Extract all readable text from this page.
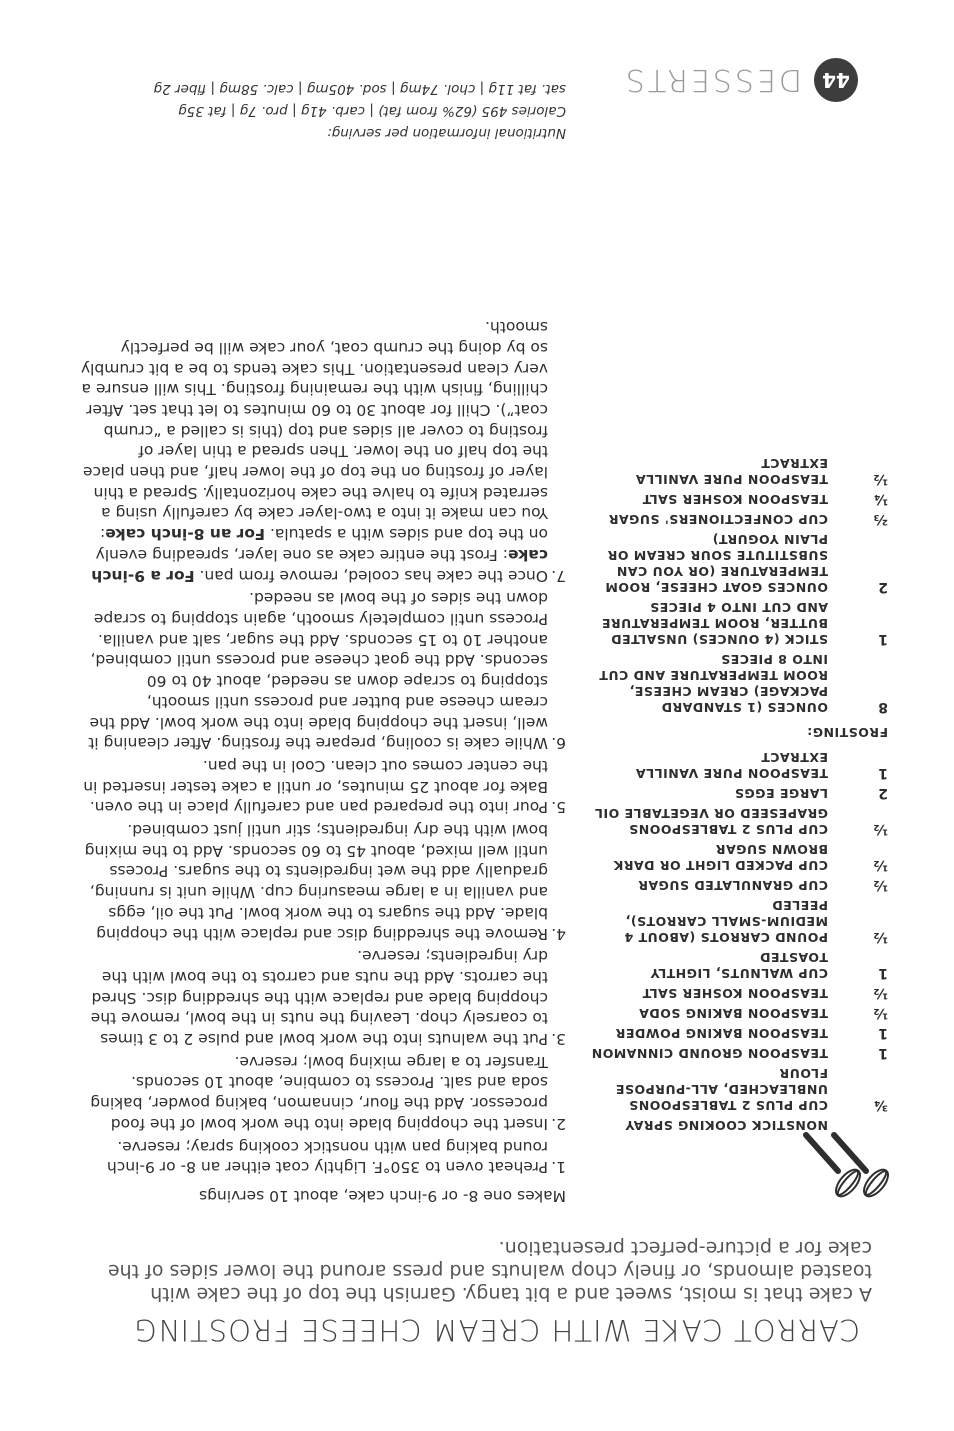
CARROT CAKE WITH CREAM CHEESE FROSTING
A cake that is moist, sweet and a bit tangy. Garnish the top of the cake with toasted almonds, or finely chop walnuts and press around the lower sides of the cake for a picture-perfect presentation.
NONSTICK COOKING SPRAY
¾
CUP PLUS 2 TABLESPOONS UNBLEACHED, ALL-PURPOSE FLOUR
1
TEASPOON GROUND CINNAMON
1
TEASPOON BAKING POWDER
½
TEASPOON BAKING SODA
½
TEASPOON KOSHER SALT
1
CUP WALNUTS, LIGHTLY TOASTED
½
POUND CARROTS (ABOUT 4 MEDIUM-SMALL CARROTS), PEELED
½
CUP GRANULATED SUGAR
½
CUP PACKED LIGHT OR DARK BROWN SUGAR
½
CUP PLUS 2 TABLESPOONS GRAPESEED OR VEGETABLE OIL
2
LARGE EGGS
1
TEASPOON PURE VANILLA EXTRACT
FROSTING:
8
OUNCES (1 STANDARD PACKAGE) CREAM CHEESE, ROOM TEMPERATURE AND CUT INTO 8 PIECES
1
STICK (4 OUNCES) UNSALTED BUTTER, ROOM TEMPERATURE AND CUT INTO 4 PIECES
2
OUNCES GOAT CHEESE, ROOM TEMPERATURE (OR YOU CAN SUBSTITUTE SOUR CREAM OR PLAIN YOGURT)
⅔
CUP CONFECTIONERS' SUGAR
¼
TEASPOON KOSHER SALT
½
TEASPOON PURE VANILLA EXTRACT
Makes one 8- or 9-inch cake, about 10 servings
1.
Preheat oven to 350°F. Lightly coat either an 8- or 9-inch round baking pan with nonstick cooking spray; reserve.
2.
Insert the chopping blade into the work bowl of the food processor. Add the flour, cinnamon, baking powder, baking soda and salt. Process to combine, about 10 seconds. Transfer to a large mixing bowl; reserve.
3.
Put the walnuts into the work bowl and pulse 2 to 3 times to coarsely chop. Leaving the nuts in the bowl, remove the chopping blade and replace with the shredding disc. Shred the carrots. Add the nuts and carrots to the bowl with the dry ingredients; reserve.
4.
Remove the shredding disc and replace with the chopping blade. Add the sugars to the work bowl. Put the oil, eggs and vanilla in a large measuring cup. While unit is running, gradually add the wet ingredients to the sugars. Process until well mixed, about 45 to 60 seconds. Add to the mixing bowl with the dry ingredients; stir until just combined.
5.
Pour into the prepared pan and carefully place in the oven. Bake for about 25 minutes, or until a cake tester inserted in the center comes out clean. Cool in the pan.
6.
While cake is cooling, prepare the frosting. After cleaning it well, insert the chopping blade into the work bowl. Add the cream cheese and butter and process until smooth, stopping to scrape down as needed, about 40 to 60 seconds. Add the goat cheese and process until combined, another 10 to 15 seconds. Add the sugar, salt and vanilla. Process until completely smooth, again stopping to scrape down the sides of the bowl as needed.
7.
Once the cake has cooled, remove from pan. For a 9-inch cake: Frost the entire cake as one layer, spreading evenly on the top and sides with a spatula. For an 8-inch cake: You can make it into a two-layer cake by carefully using a serrated knife to halve the cake horizontally. Spread a thin layer of frosting on the top of the lower half, and then place the top half on the lower. Then spread a thin layer of frosting to cover all sides and top (this is called a “crumb coat”). Chill for about 30 to 60 minutes to let that set. After chilling, finish with the remaining frosting. This will ensure a very clean presentation. This cake tends to be a bit crumbly so by doing the crumb coat, your cake will be perfectly smooth.
Nutritional information per serving:
Calories 495 (62% from fat) | carb. 41g | pro. 7g | fat 35g
sat. fat 11g | chol. 74mg | sod. 405mg | calc. 58mg | fiber 2g	44
DESSERTS
